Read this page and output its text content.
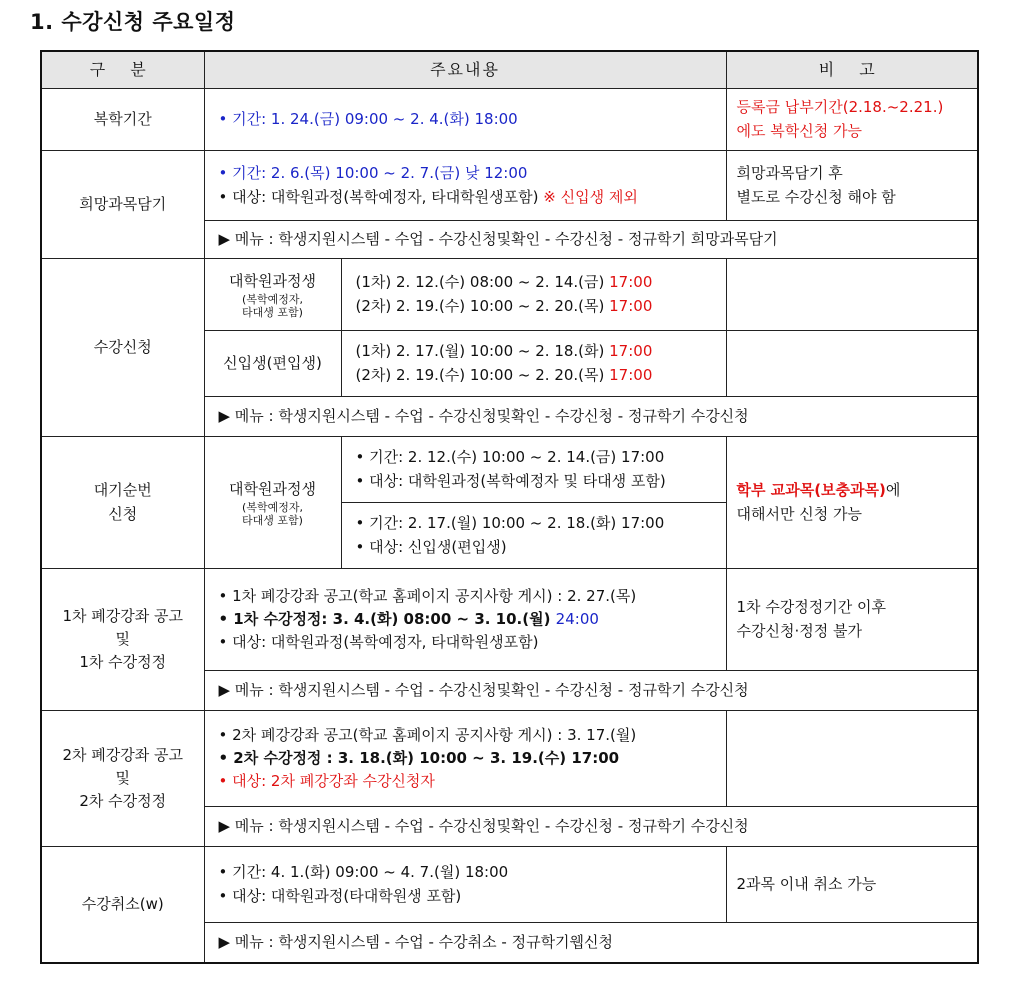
1. 수강신청 주요일정
구 분	주요내용		비 고
복학기간	• 기간: 1. 24.(금) 09:00 ~ 2. 4.(화) 18:00		등록금 납부기간(2.18.~2.21.)
에도 복학신청 가능

희망과목담기	• 기간: 2. 6.(목) 10:00 ~ 2. 7.(금) 낮 12:00
• 대상: 대학원과정(복학예정자, 타대학원생포함) ※ 신입생 제외		희망과목담기 후
별도로 수강신청 해야 함

	▶ 메뉴 : 학생지원시스템 - 수업 - 수강신청및확인 - 수강신청 - 정규학기 희망과목담기		
수강신청	대학원과정생
(복학예정자,
타대생 포함)	(1차) 2. 12.(수) 08:00 ~ 2. 14.(금) 17:00
(2차) 2. 19.(수) 10:00 ~ 2. 20.(목) 17:00	

	신입생(편입생)	(1차) 2. 17.(월) 10:00 ~ 2. 18.(화) 17:00
(2차) 2. 19.(수) 10:00 ~ 2. 20.(목) 17:00	

	▶ 메뉴 : 학생지원시스템 - 수업 - 수강신청및확인 - 수강신청 - 정규학기 수강신청		

대기순번
신청	대학원과정생
(복학예정자,
타대생 포함)	• 기간: 2. 12.(수) 10:00 ~ 2. 14.(금) 17:00
• 대상: 대학원과정(복학예정자 및 타대생 포함)	학부 교과목(보충과목)에
대해서만 신청 가능

		• 기간: 2. 17.(월) 10:00 ~ 2. 18.(화) 17:00
• 대상: 신입생(편입생)	

1차 폐강강좌 공고
및
1차 수강정정	• 1차 폐강강좌 공고(학교 홈페이지 공지사항 게시) : 2. 27.(목)
• 1차 수강정정: 3. 4.(화) 08:00 ~ 3. 10.(월) 24:00
• 대상: 대학원과정(복학예정자, 타대학원생포함)		1차 수강정정기간 이후
수강신청·정정 불가

	▶ 메뉴 : 학생지원시스템 - 수업 - 수강신청및확인 - 수강신청 - 정규학기 수강신청		

2차 폐강강좌 공고
및
2차 수강정정	• 2차 폐강강좌 공고(학교 홈페이지 공지사항 게시) : 3. 17.(월)
• 2차 수강정정 : 3. 18.(화) 10:00 ~ 3. 19.(수) 17:00
• 대상: 2차 폐강강좌 수강신청자		

	▶ 메뉴 : 학생지원시스템 - 수업 - 수강신청및확인 - 수강신청 - 정규학기 수강신청		
수강취소(w)	• 기간: 4. 1.(화) 09:00 ~ 4. 7.(월) 18:00
• 대상: 대학원과정(타대학원생 포함)		2과목 이내 취소 가능
	▶ 메뉴 : 학생지원시스템 - 수업 - 수강취소 - 정규학기웹신청		
